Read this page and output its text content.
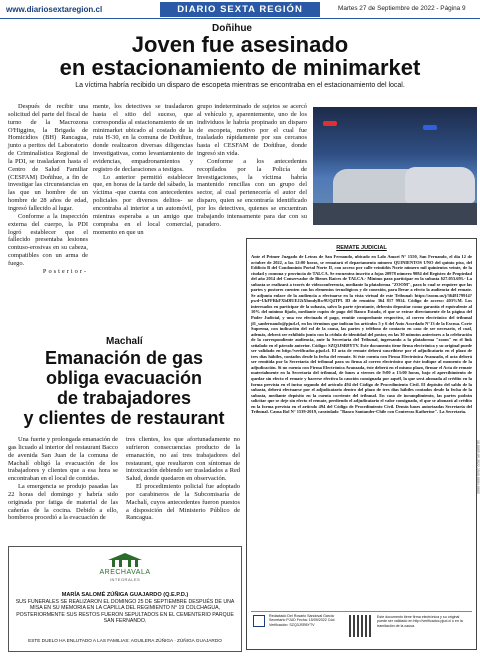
www.diariosextaregion.cl	DIARIO SEXTA REGIÓN	Martes 27 de Septiembre de 2022 - Página 9
Doñihue
Joven fue asesinado
en estacionamiento de minimarket
La víctima habría recibido un disparo de escopeta mientras se encontraba en el estacionamiento del local.

Después de recibir una solicitud del parte del fiscal de turno de la Macrozona O'Higgins, la Brigada de Homicidios (BH) Rancagua, junto a peritos del Laboratorio de Criminalística Regional de la PDI, se trasladaron hasta el Centro de Salud Familiar (CESFAM) Doñihue, a fin de investigar las circunstancias en las que un hombre de un hombre de 28 años de edad, ingresó fallecido al lugar.

Conforme a la inspección externa del cuerpo, la PDI logró establecer que el fallecido presentaba lesiones contuso-erosivas en su cabeza, compatibles con un arma de fuego.

Posterior-

mente, los detectives se trasladaron hasta el sitio del suceso, que correspondía al estacionamiento de un minimarket ubicado al costado de la ruta H-30, en la comuna de Doñihue, donde realizaron diversas diligencias investigativas, como levantamiento de evidencias, empadronamientos y registro de declaraciones a testigos.

Lo anterior permitió establecer que, en horas de la tarde del sábado, la víctima -que cuenta con antecedentes policiales por diversos delitos- se encontraba al interior a un automóvil, mientras esperaba a un amigo que compraba en el local comercial, momento en que un

grupo indeterminado de sujetos se acercó al vehículo y, aparentemente, uno de los individuos le habría propinado un disparo de escopeta, motivo por el cual fue trasladado rápidamente por sus cercanos hasta el CESFAM de Doñihue, donde ingresó sin vida.

Conforme a los antecedentes recopilados por la Policía de Investigaciones, la víctima habría mantenido rencillas con un grupo del sector, al cual pertenecería el autor del disparo, quien se encontraría identificado por los detectives, quienes se encuentran trabajando intensamente para dar con su paradero.

Machalí
Emanación de gas
obliga evacuación
de trabajadores
y clientes de restaurant

Una fuerte y prolongada emanación de gas licuado al interior del restaurant Bacco de avenida San Juan de la comuna de Machalí obligó la evacuación de los trabajadores y clientes que a esa hora se encontraban en el local de comidas.

La emergencia se produjo pasadas las 22 horas del domingo y habría sido originada por fatiga de material de las cañerías de la cocina. Debido a ello, bomberos procedió a la evacuación de

tres clientes, los que afortunadamente no sufrieron consecuencias producto de la emanación, no así tres trabajadores del restaurant, que resultaron con síntomas de intoxicación debiendo ser trasladados a Red Salud, donde quedaron en observación.

El procedimiento policial fue adoptado por carabineros de la Subcomisaría de Machalí, cuyos antecedentes fueron puestos a disposición del Ministerio Público de Rancagua.

REMATE JUDICIAL
Ante el Primer Juzgado de Letras de San Fernando, ubicado en Lalo Amori N° 1550, San Fernando, el día 12 de octubre de 2022, a las 12:00 horas, se rematará el departamento número QUINIENTOS UNO del quinto piso, del Edificio B del Condominio Portal Norte II, con acceso por calle veintidós Norte número mil quinientos veinte, de la ciudad y comuna y provincia de TALCA. Se encuentra inscrito a fojas 20978 número 9084 del Registro de Propiedad del año 2014 del Conservador de Bienes Raíces de TALCA.- Mínimo para participar en la subasta $27.053.693.- La subasta se realizará a través de videoconferencia, mediante la plataforma "ZOOM", para lo cual se requiere que las partes y postores cuenten con los elementos tecnológicos y de conexión, para llevar a efecto la audiencia del remate. Se adjunta enlace de la audiencia a efectuarse en la vista virtual de este Tribunal: https://zoom.us/j/3648179914?pwd=UkFFRkFXbDlUEJ2tXbmdyRw9UQ4TPl. ID de reunión: 364 817 9914. Código de acceso: 403%M. Los interesados en participar de la subasta, salvo la parte ejecutante, deberán depositar como garantía el equivalente al 10% del mínimo fijado, mediante cupón de pago del Banco Estado, el que se extrae directamente de la página del Poder Judicial, y una vez efectuado el pago, remitir comprobante respectivo, al correo electrónico del tribunal jl1_sanfernando@pjud.cl, en los términos que indican los artículos 5 y 6 del Auto Acordado N°13 de la Excma. Corte Suprema, con indicación del rol de la causa, las partes y teléfono de contacto en caso de ser necesario, el cual, además, deberá ser exhibido junto con la cédula de identidad del postor, en las 30 minutos anteriores a la celebración de la correspondiente audiencia, ante la Secretaria del Tribunal, ingresando a la plataforma "zoom" en el link señalado en el párrafo anterior. Código: SZQ3JSR8YTV. Este documento tiene firma electrónica y su original puede ser validado en http://verificadoc.pjud.cl. El acta de remate deberá suscribirse por el adjudicatario en el plazo de tres días hábiles, contados desde la fecha del remate. Si éste cuenta con Firma Electrónica Avanzada, el acta deberá ser remitida por la Secretaria del tribunal para su firma al correo electrónico que éste indique al momento de la adjudicación. Si no cuenta con Firma Electrónica Avanzada, éste deberá en el mismo plazo, firmar el Acta de remate materialmente en la Secretaría del tribunal, de lunes a viernes de 9:00 a 13:00 horas, bajo el apercibimiento de quedar sin efecto el remate y hacerse efectiva la caución consignada por aquél, la que será abonada al crédito en la forma prevista en el inciso segundo del artículo 494 del Código de Procedimiento Civil. El depósito del saldo de la subasta, deberá efectuarse por el adjudicatario dentro del plazo de tres días hábiles contados desde la fecha de la subasta, mediante depósito en la cuenta corriente del tribunal. En caso de incumplimiento, las partes podrán solicitar que se deje sin efecto el remate, perdiendo el adjudicatario el valor consignado, el que se abonará al crédito en la forma prevista en el artículo 494 del Código de Procedimiento Civil. Demás bases autorizadas Secretaría del Tribunal. Causa Rol N° 1539-2019, caratulado "Banco Santander-Chile con Contreras Katherine". La Secretaria.
Redactado Del Rosario Sandoval Garcia Secretario PJUD Fecha: 15/09/2022 Cód. Verificación: SZQ3JSR8YTV
Este documento tiene firma electrónica y su original puede ser validado en http://verificadoc.pjud.cl o en la tramitación de la causa.
ARECHAVALA
INTEGRALES
MARÍA SALOMÉ ZÚÑIGA GUAJARDO (Q.E.P.D.)
SUS FUNERALES SE REALIZARON EL DOMINGO 25 DE SEPTIEMBRE DESPUÉS DE UNA MISA EN SU MEMORIA EN LA CAPILLA DEL REGIMIENTO N° 19 COLCHAGUA, POSTERIORMENTE SUS RESTOS FUERON SEPULTADOS EN EL CEMENTERIO PARQUE SAN FERNANDO.
ESTE DUELO HA ENLUTADO A LAS FAMILIAS: AGUILERA ZÚÑIGA · ZÚÑIGA GUAJARDO
10-0009-09-2022-1540-0004-0003
